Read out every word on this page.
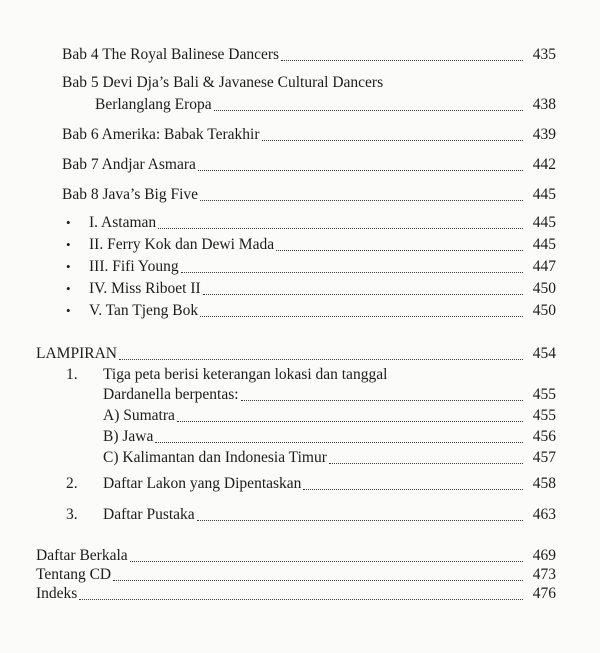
Bab 4 The Royal Balinese Dancers	435
Bab 5 Devi Dja’s Bali & Javanese Cultural Dancers
Berlanglang Eropa	438
Bab 6 Amerika: Babak Terakhir	439
Bab 7 Andjar Asmara	442
Bab 8 Java’s Big Five	445
• I. Astaman	445
• II. Ferry Kok dan Dewi Mada	445
• III. Fifi Young	447
• IV. Miss Riboet II	450
• V. Tan Tjeng Bok	450
LAMPIRAN	454
1. Tiga peta berisi keterangan lokasi dan tanggal
Dardanella berpentas:	455
A) Sumatra	455
B) Jawa	456
C) Kalimantan dan Indonesia Timur	457
2. Daftar Lakon yang Dipentaskan	458
3. Daftar Pustaka	463
Daftar Berkala	469
Tentang CD	473
Indeks	476
